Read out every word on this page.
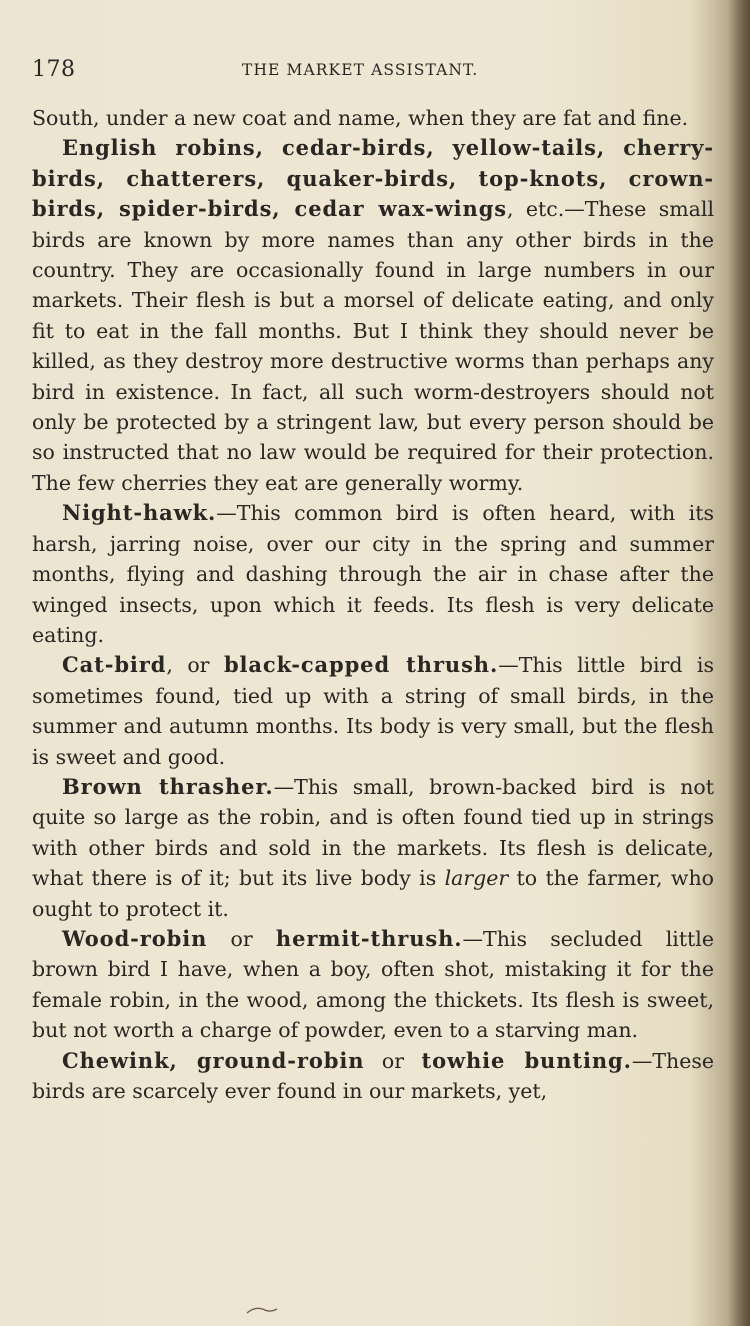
178	THE MARKET ASSISTANT.

South, under a new coat and name, when they are fat and fine.

English robins, cedar-birds, yellow-tails, cherry-birds, chatterers, quaker-birds, top-knots, crown-birds, spider-birds, cedar wax-wings, etc.—These small birds are known by more names than any other birds in the country. They are occasionally found in large numbers in our markets. Their flesh is but a morsel of delicate eating, and only fit to eat in the fall months. But I think they should never be killed, as they destroy more destructive worms than perhaps any bird in existence. In fact, all such worm-destroyers should not only be protected by a stringent law, but every person should be so instructed that no law would be required for their protection. The few cherries they eat are generally wormy.

Night-hawk.—This common bird is often heard, with its harsh, jarring noise, over our city in the spring and summer months, flying and dashing through the air in chase after the winged insects, upon which it feeds. Its flesh is very delicate eating.

Cat-bird, or black-capped thrush.—This little bird is sometimes found, tied up with a string of small birds, in the summer and autumn months. Its body is very small, but the flesh is sweet and good.

Brown thrasher.—This small, brown-backed bird is not quite so large as the robin, and is often found tied up in strings with other birds and sold in the markets. Its flesh is delicate, what there is of it; but its live body is larger to the farmer, who ought to protect it.

Wood-robin or hermit-thrush.—This secluded little brown bird I have, when a boy, often shot, mistaking it for the female robin, in the wood, among the thickets. Its flesh is sweet, but not worth a charge of powder, even to a starving man.

Chewink, ground-robin or towhie bunting.—These birds are scarcely ever found in our markets, yet,
